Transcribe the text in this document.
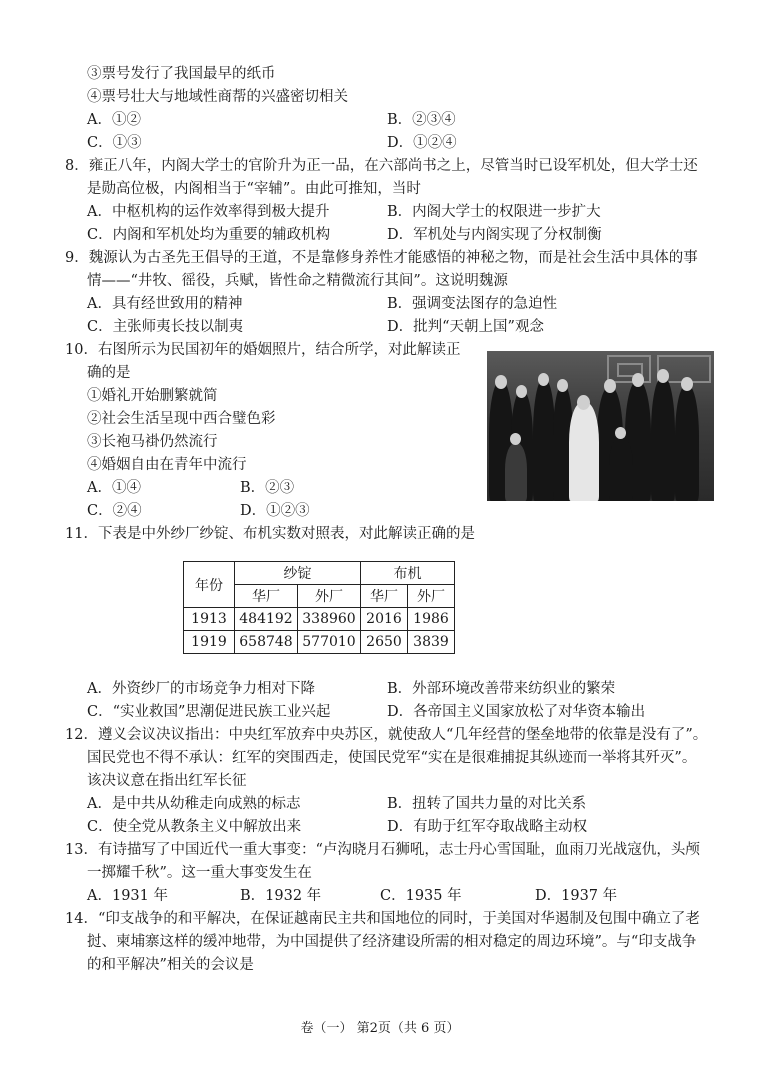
③票号发行了我国最早的纸币
④票号壮大与地域性商帮的兴盛密切相关
A．①②	B．②③④
C．①③	D．①②④
8．雍正八年，内阁大学士的官阶升为正一品，在六部尚书之上，尽管当时已设军机处，但大学士还
是勋高位极，内阁相当于“宰辅”。由此可推知，当时
A．中枢机构的运作效率得到极大提升	B．内阁大学士的权限进一步扩大
C．内阁和军机处均为重要的辅政机构	D．军机处与内阁实现了分权制衡
9．魏源认为古圣先王倡导的王道，不是靠修身养性才能感悟的神秘之物，而是社会生活中具体的事
情——“井牧、徭役，兵赋，皆性命之精微流行其间”。这说明魏源
A．具有经世致用的精神	B．强调变法图存的急迫性
C．主张师夷长技以制夷	D．批判“天朝上国”观念
10．右图所示为民国初年的婚姻照片，结合所学，对此解读正
确的是
①婚礼开始删繁就简
②社会生活呈现中西合璧色彩
③长袍马褂仍然流行
④婚姻自由在青年中流行
A．①④	B．②③
C．②④	D．①②③
11．下表是中外纱厂纱锭、布机实数对照表，对此解读正确的是
年份	纱锭		布机	
	华厂	外厂	华厂	外厂
1913	484192	338960	2016	1986
1919	658748	577010	2650	3839
A．外资纱厂的市场竞争力相对下降	B．外部环境改善带来纺织业的繁荣
C．“实业救国”思潮促进民族工业兴起	D．各帝国主义国家放松了对华资本输出
12．遵义会议决议指出：中央红军放弃中央苏区，就使敌人“几年经营的堡垒地带的依靠是没有了”。
国民党也不得不承认：红军的突围西走，使国民党军“实在是很难捕捉其纵迹而一举将其歼灭”。
该决议意在指出红军长征
A．是中共从幼稚走向成熟的标志	B．扭转了国共力量的对比关系
C．使全党从教条主义中解放出来	D．有助于红军夺取战略主动权
13．有诗描写了中国近代一重大事变：“卢沟晓月石狮吼，志士丹心雪国耻，血雨刀光战寇仇，头颅
一掷耀千秋”。这一重大事变发生在
A．1931 年	B．1932 年	C．1935 年	D．1937 年
14．“印支战争的和平解决，在保证越南民主共和国地位的同时，于美国对华遏制及包围中确立了老
挝、柬埔寨这样的缓冲地带，为中国提供了经济建设所需的相对稳定的周边环境”。与“印支战争
的和平解决”相关的会议是
卷（一） 第2页（共 6 页）
